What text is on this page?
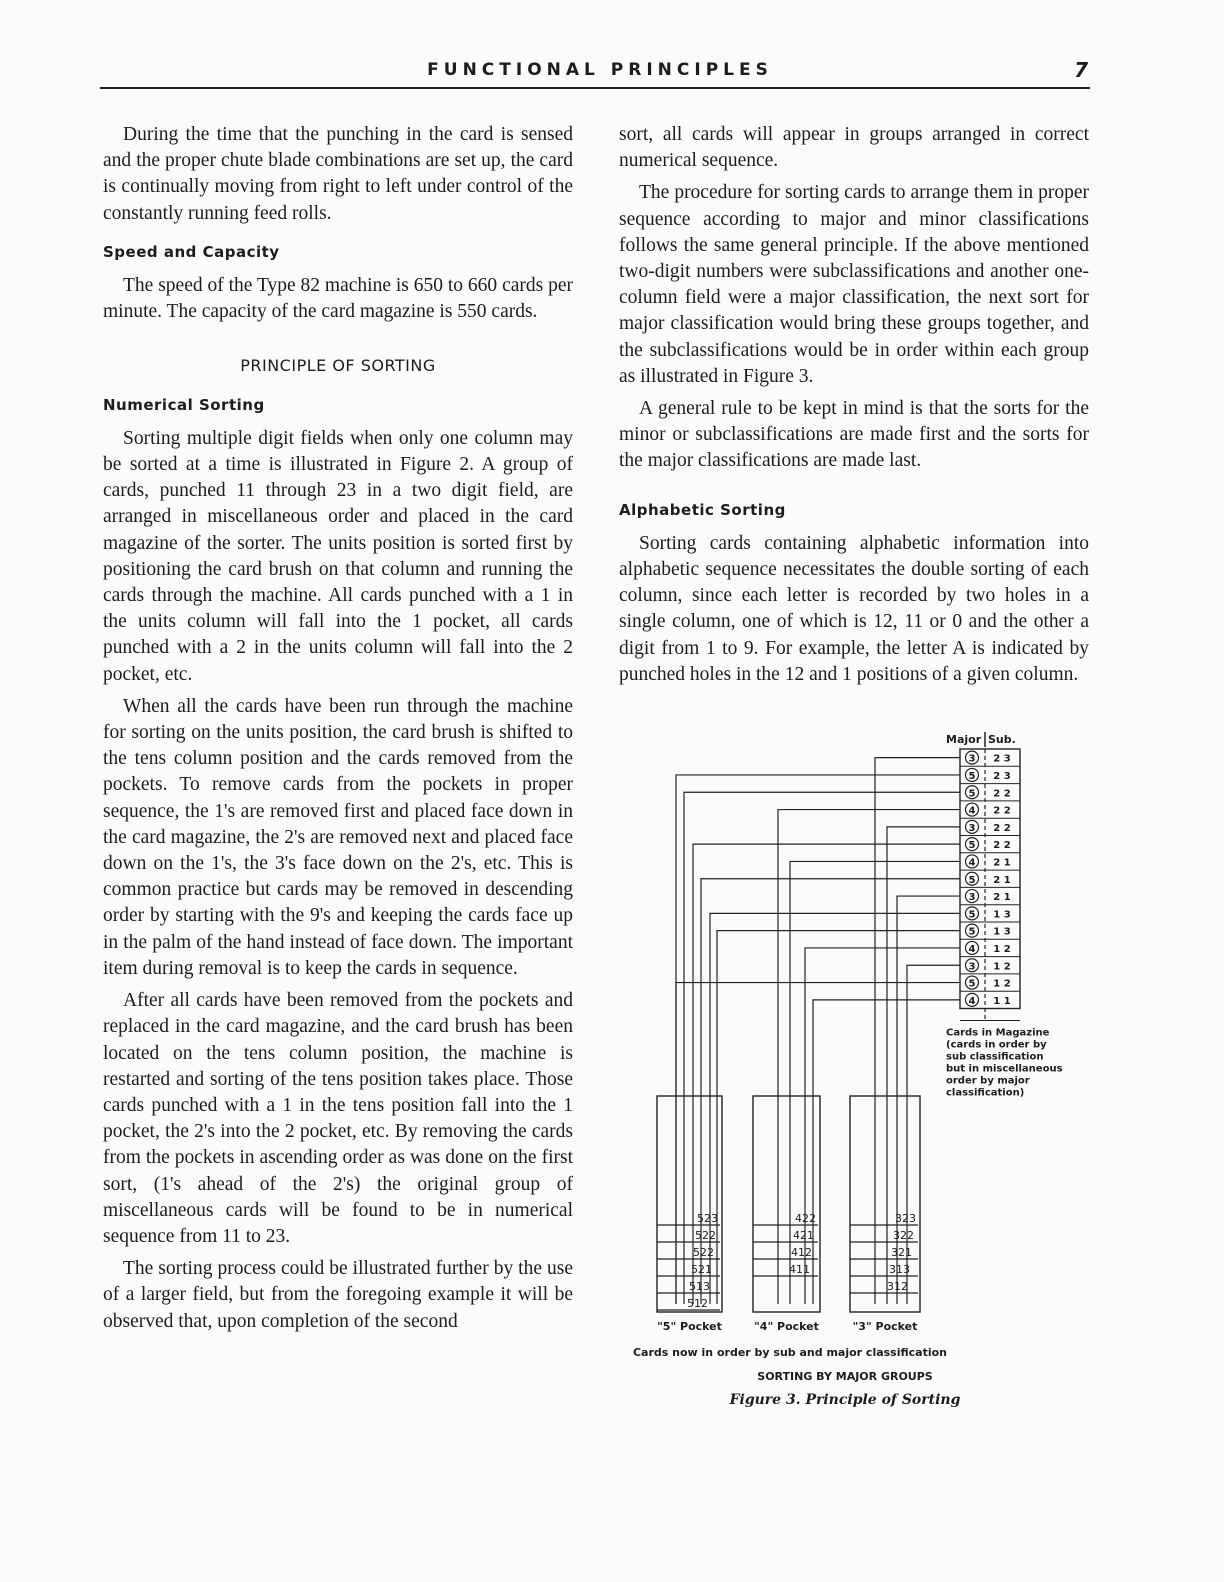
FUNCTIONAL PRINCIPLES	7

During the time that the punching in the card is sensed and the proper chute blade combinations are set up, the card is continually moving from right to left under control of the constantly running feed rolls.

Speed and Capacity

The speed of the Type 82 machine is 650 to 660 cards per minute. The capacity of the card magazine is 550 cards.

PRINCIPLE OF SORTING
Numerical Sorting

Sorting multiple digit fields when only one column may be sorted at a time is illustrated in Figure 2. A group of cards, punched 11 through 23 in a two digit field, are arranged in miscellaneous order and placed in the card magazine of the sorter. The units position is sorted first by positioning the card brush on that column and running the cards through the machine. All cards punched with a 1 in the units column will fall into the 1 pocket, all cards punched with a 2 in the units column will fall into the 2 pocket, etc.

When all the cards have been run through the machine for sorting on the units position, the card brush is shifted to the tens column position and the cards removed from the pockets. To remove cards from the pockets in proper sequence, the 1's are removed first and placed face down in the card magazine, the 2's are removed next and placed face down on the 1's, the 3's face down on the 2's, etc. This is common practice but cards may be removed in descending order by starting with the 9's and keeping the cards face up in the palm of the hand instead of face down. The important item during removal is to keep the cards in sequence.

After all cards have been removed from the pockets and replaced in the card magazine, and the card brush has been located on the tens column position, the machine is restarted and sorting of the tens position takes place. Those cards punched with a 1 in the tens position fall into the 1 pocket, the 2's into the 2 pocket, etc. By removing the cards from the pockets in ascending order as was done on the first sort, (1's ahead of the 2's) the original group of miscellaneous cards will be found to be in numerical sequence from 11 to 23.

The sorting process could be illustrated further by the use of a larger field, but from the foregoing example it will be observed that, upon completion of the second

sort, all cards will appear in groups arranged in correct numerical sequence.

The procedure for sorting cards to arrange them in proper sequence according to major and minor classifications follows the same general principle. If the above mentioned two-digit numbers were subclassifications and another one-column field were a major classification, the next sort for major classification would bring these groups together, and the subclassifications would be in order within each group as illustrated in Figure 3.

A general rule to be kept in mind is that the sorts for the minor or subclassifications are made first and the sorts for the major classifications are made last.

Alphabetic Sorting

Sorting cards containing alphabetic information into alphabetic sequence necessitates the double sorting of each column, since each letter is recorded by two holes in a single column, one of which is 12, 11 or 0 and the other a digit from 1 to 9. For example, the letter A is indicated by punched holes in the 12 and 1 positions of a given column.

Major Sub.
3 2 3
5 2 3
5 2 2
4 2 2
3 2 2
5 2 2
4 2 1
5 2 1
3 2 1
5 1 3
5 1 3
4 1 2
3 1 2
5 1 2
4 1 1
Cards in Magazine
(cards in order by
sub classification
but in miscellaneous
order by major
classification)
523
522
522
521
513
512
"5" Pocket
422
421
412
411
"4" Pocket
323
322
321
313
312
"3" Pocket
Cards now in order by sub and major classification
SORTING BY MAJOR GROUPS
Figure 3. Principle of Sorting
